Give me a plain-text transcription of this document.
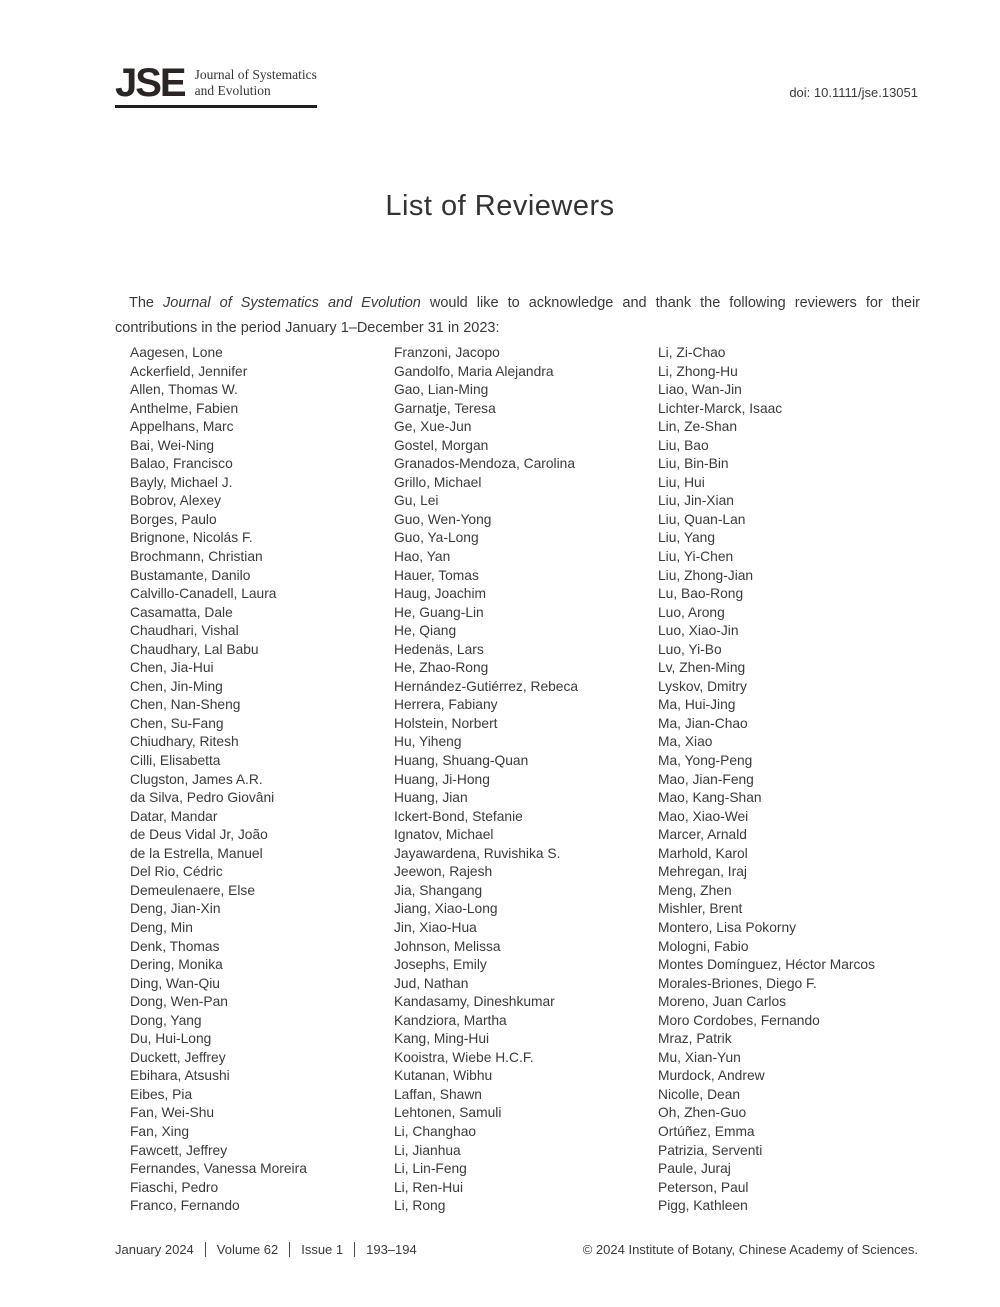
JSE Journal of Systematics
and Evolution	doi: 10.1111/jse.13051
List of Reviewers

The Journal of Systematics and Evolution would like to acknowledge and thank the following reviewers for their contributions in the period January 1–December 31 in 2023:

Aagesen, Lone
Ackerfield, Jennifer
Allen, Thomas W.
Anthelme, Fabien
Appelhans, Marc
Bai, Wei-Ning
Balao, Francisco
Bayly, Michael J.
Bobrov, Alexey
Borges, Paulo
Brignone, Nicolás F.
Brochmann, Christian
Bustamante, Danilo
Calvillo-Canadell, Laura
Casamatta, Dale
Chaudhari, Vishal
Chaudhary, Lal Babu
Chen, Jia-Hui
Chen, Jin-Ming
Chen, Nan-Sheng
Chen, Su-Fang
Chiudhary, Ritesh
Cilli, Elisabetta
Clugston, James A.R.
da Silva, Pedro Giovâni
Datar, Mandar
de Deus Vidal Jr, João
de la Estrella, Manuel
Del Rio, Cédric
Demeulenaere, Else
Deng, Jian-Xin
Deng, Min
Denk, Thomas
Dering, Monika
Ding, Wan-Qiu
Dong, Wen-Pan
Dong, Yang
Du, Hui-Long
Duckett, Jeffrey
Ebihara, Atsushi
Eibes, Pia
Fan, Wei-Shu
Fan, Xing
Fawcett, Jeffrey
Fernandes, Vanessa Moreira
Fiaschi, Pedro
Franco, Fernando
Franzoni, Jacopo
Gandolfo, Maria Alejandra
Gao, Lian-Ming
Garnatje, Teresa
Ge, Xue-Jun
Gostel, Morgan
Granados-Mendoza, Carolina
Grillo, Michael
Gu, Lei
Guo, Wen-Yong
Guo, Ya-Long
Hao, Yan
Hauer, Tomas
Haug, Joachim
He, Guang-Lin
He, Qiang
Hedenäs, Lars
He, Zhao-Rong
Hernández-Gutiérrez, Rebeca
Herrera, Fabiany
Holstein, Norbert
Hu, Yiheng
Huang, Shuang-Quan
Huang, Ji-Hong
Huang, Jian
Ickert-Bond, Stefanie
Ignatov, Michael
Jayawardena, Ruvishika S.
Jeewon, Rajesh
Jia, Shangang
Jiang, Xiao-Long
Jin, Xiao-Hua
Johnson, Melissa
Josephs, Emily
Jud, Nathan
Kandasamy, Dineshkumar
Kandziora, Martha
Kang, Ming-Hui
Kooistra, Wiebe H.C.F.
Kutanan, Wibhu
Laffan, Shawn
Lehtonen, Samuli
Li, Changhao
Li, Jianhua
Li, Lin-Feng
Li, Ren-Hui
Li, Rong
Li, Zi-Chao
Li, Zhong-Hu
Liao, Wan-Jin
Lichter-Marck, Isaac
Lin, Ze-Shan
Liu, Bao
Liu, Bin-Bin
Liu, Hui
Liu, Jin-Xian
Liu, Quan-Lan
Liu, Yang
Liu, Yi-Chen
Liu, Zhong-Jian
Lu, Bao-Rong
Luo, Arong
Luo, Xiao-Jin
Luo, Yi-Bo
Lv, Zhen-Ming
Lyskov, Dmitry
Ma, Hui-Jing
Ma, Jian-Chao
Ma, Xiao
Ma, Yong-Peng
Mao, Jian-Feng
Mao, Kang-Shan
Mao, Xiao-Wei
Marcer, Arnald
Marhold, Karol
Mehregan, Iraj
Meng, Zhen
Mishler, Brent
Montero, Lisa Pokorny
Mologni, Fabio
Montes Domínguez, Héctor Marcos
Morales-Briones, Diego F.
Moreno, Juan Carlos
Moro Cordobes, Fernando
Mraz, Patrik
Mu, Xian-Yun
Murdock, Andrew
Nicolle, Dean
Oh, Zhen-Guo
Ortúñez, Emma
Patrizia, Serventi
Paule, Juraj
Peterson, Paul
Pigg, Kathleen
January 2024 Volume 62 Issue 1 193–194	© 2024 Institute of Botany, Chinese Academy of Sciences.
